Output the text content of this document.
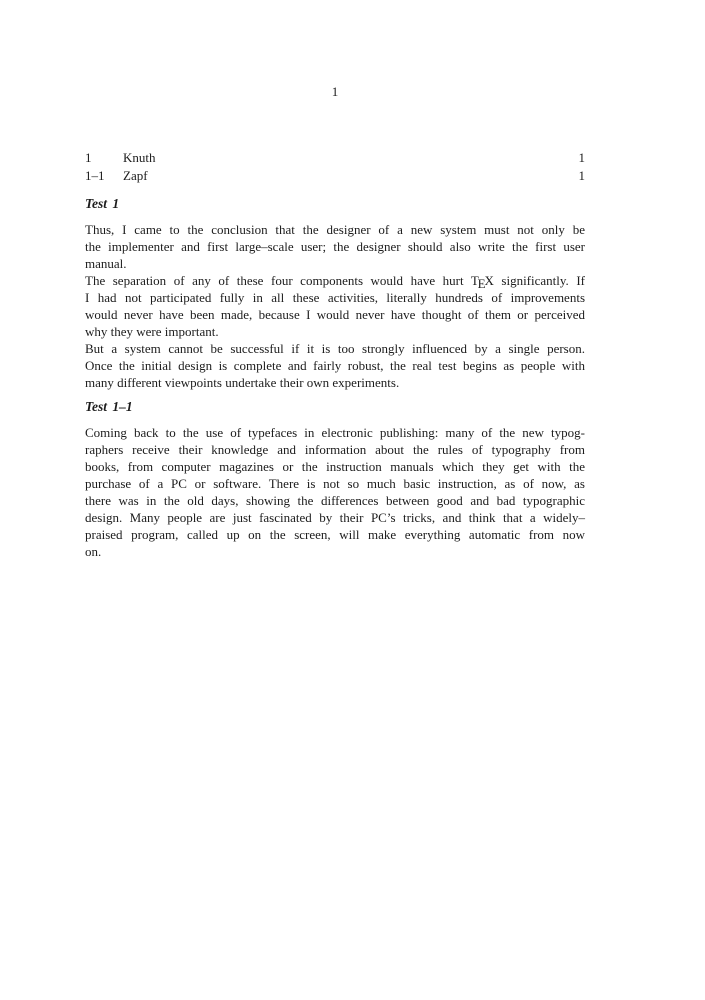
1
1	Knuth	1
1–1	Zapf	1
Test 1
Thus, I came to the conclusion that the designer of a new system must not only be
the implementer and first large–scale user; the designer should also write the first user
manual.
The separation of any of these four components would have hurt TEX significantly. If
I had not participated fully in all these activities, literally hundreds of improvements
would never have been made, because I would never have thought of them or perceived
why they were important.
But a system cannot be successful if it is too strongly influenced by a single person.
Once the initial design is complete and fairly robust, the real test begins as people with
many different viewpoints undertake their own experiments.
Test 1–1
Coming back to the use of typefaces in electronic publishing: many of the new typog-
raphers receive their knowledge and information about the rules of typography from
books, from computer magazines or the instruction manuals which they get with the
purchase of a PC or software. There is not so much basic instruction, as of now, as
there was in the old days, showing the differences between good and bad typographic
design. Many people are just fascinated by their PC’s tricks, and think that a widely–
praised program, called up on the screen, will make everything automatic from now
on.
